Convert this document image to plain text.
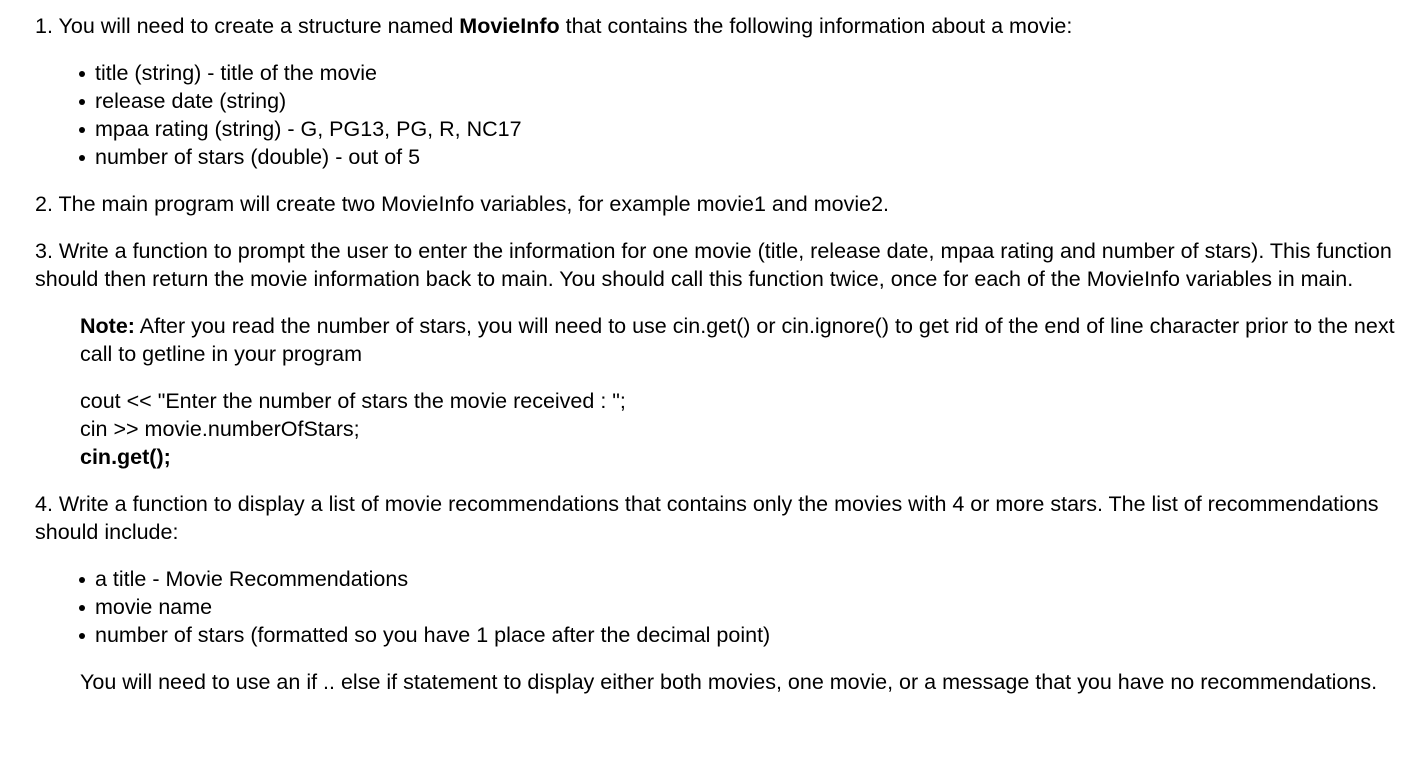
1. You will need to create a structure named MovieInfo that contains the following information about a movie:

title (string) - title of the movie
release date (string)
mpaa rating (string) - G, PG13, PG, R, NC17
number of stars (double) - out of 5

2. The main program will create two MovieInfo variables, for example movie1 and movie2.

3. Write a function to prompt the user to enter the information for one movie (title, release date, mpaa rating and number of stars). This function should then return the movie information back to main. You should call this function twice, once for each of the MovieInfo variables in main.

Note: After you read the number of stars, you will need to use cin.get() or cin.ignore() to get rid of the end of line character prior to the next call to getline in your program

cout << "Enter the number of stars the movie received : ";
cin >> movie.numberOfStars;
cin.get();

4. Write a function to display a list of movie recommendations that contains only the movies with 4 or more stars. The list of recommendations should include:

a title - Movie Recommendations
movie name
number of stars (formatted so you have 1 place after the decimal point)

You will need to use an if .. else if statement to display either both movies, one movie, or a message that you have no recommendations.
